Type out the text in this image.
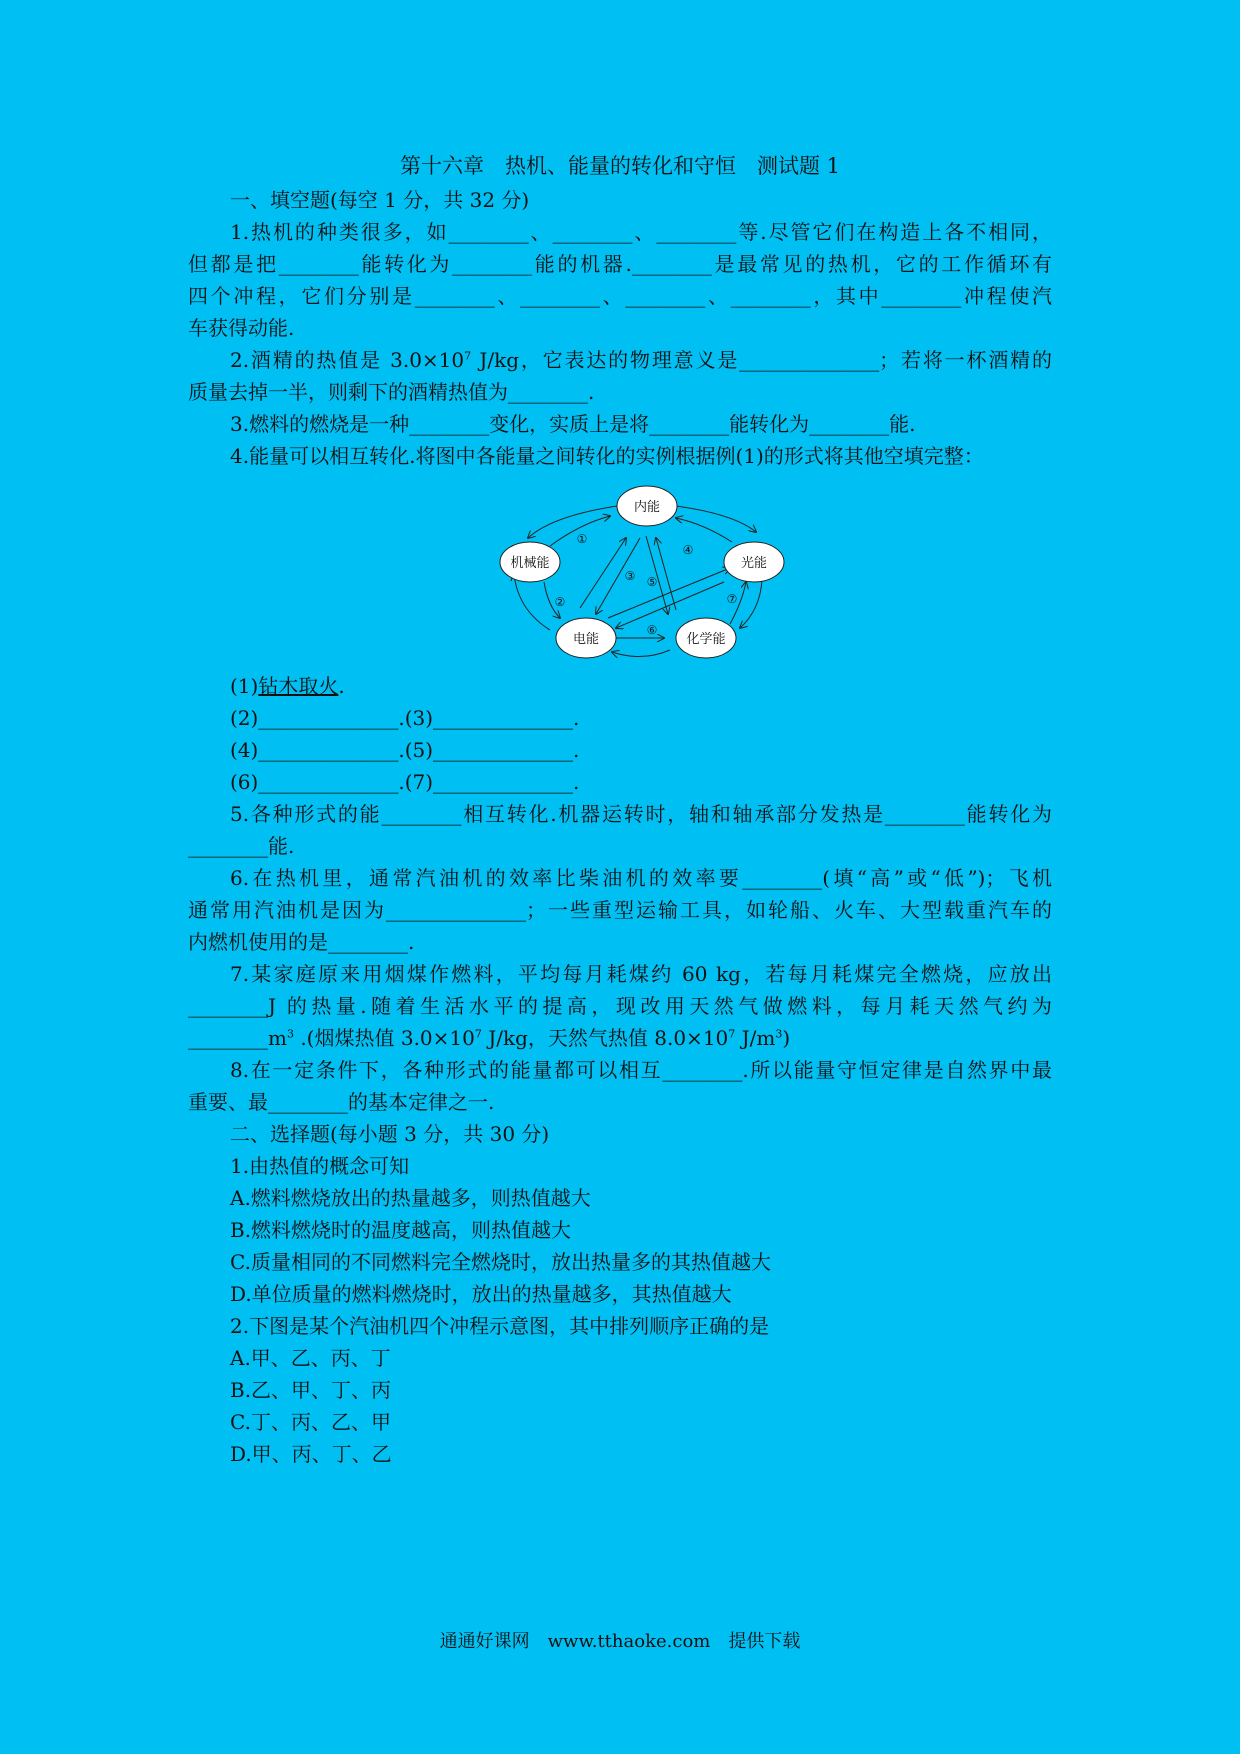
第十六章　热机、能量的转化和守恒　测试题 1
一、填空题(每空 1 分，共 32 分)
1.热机的种类很多，如________、________、________等.尽管它们在构造上各不相同，
但都是把________能转化为________能的机器.________是最常见的热机，它的工作循环有
四个冲程，它们分别是________、________、________、________，其中________冲程使汽
车获得动能.
2.酒精的热值是 $3.0\times 10^7$ J/kg，它表达的物理意义是______________；若将一杯酒精的
质量去掉一半，则剩下的酒精热值为________.
3.燃料的燃烧是一种________变化，实质上是将________能转化为________能.
4.能量可以相互转化.将图中各能量之间转化的实例根据例(1)的形式将其他空填完整：
内能
机械能	光能
电能	化学能
①
②
③
④
⑤
⑥
⑦
(1)钻木取火.
(2)______________.(3)______________.
(4)______________.(5)______________.
(6)______________.(7)______________.
5.各种形式的能________相互转化.机器运转时，轴和轴承部分发热是________能转化为
________能.
6.在热机里，通常汽油机的效率比柴油机的效率要________(填“高”或“低”)；飞机
通常用汽油机是因为______________；一些重型运输工具，如轮船、火车、大型载重汽车的
内燃机使用的是________.
7.某家庭原来用烟煤作燃料，平均每月耗煤约 60 kg，若每月耗煤完全燃烧，应放出
________J 的热量.随着生活水平的提高，现改用天然气做燃料，每月耗天然气约为
$\_\_\_\_\_\_\_\_m^3$ .(烟煤热值 $3.0\times 10^7$ J/kg，天然气热值 $8.0\times 10^7$ $J/m^3$)
8.在一定条件下，各种形式的能量都可以相互________.所以能量守恒定律是自然界中最
重要、最________的基本定律之一.
二、选择题(每小题 3 分，共 30 分)
1.由热值的概念可知
A.燃料燃烧放出的热量越多，则热值越大
B.燃料燃烧时的温度越高，则热值越大
C.质量相同的不同燃料完全燃烧时，放出热量多的其热值越大
D.单位质量的燃料燃烧时，放出的热量越多，其热值越大
2.下图是某个汽油机四个冲程示意图，其中排列顺序正确的是
A.甲、乙、丙、丁
B.乙、甲、丁、丙
C.丁、丙、乙、甲
D.甲、丙、丁、乙
通通好课网　www.tthaoke.com　提供下载
